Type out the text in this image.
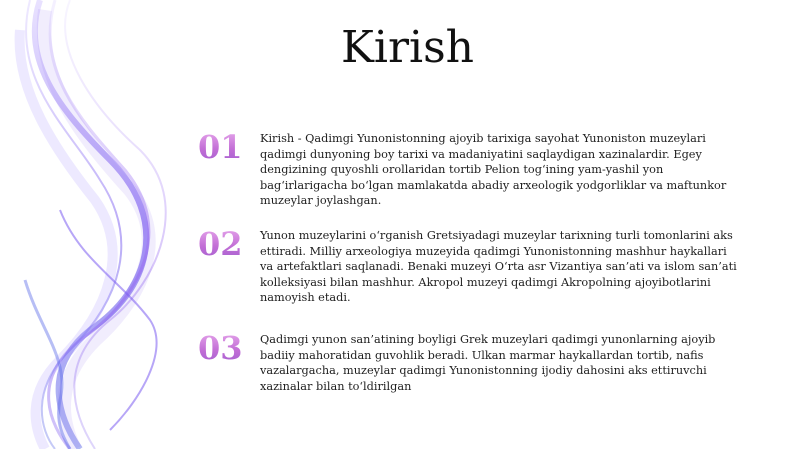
Kirish
01	Kirish - Qadimgi Yunonistonning ajoyib tarixiga sayohat Yunoniston muzeylari qadimgi dunyoning boy tarixi va madaniyatini saqlaydigan xazinalardir. Egey dengizining quyoshli orollaridan tortib Pelion tog‘ining yam-yashil yon bag‘irlarigacha bo‘lgan mamlakatda abadiy arxeologik yodgorliklar va maftunkor muzeylar joylashgan.
02	Yunon muzeylarini o‘rganish Gretsiyadagi muzeylar tarixning turli tomonlarini aks ettiradi. Milliy arxeologiya muzeyida qadimgi Yunonistonning mashhur haykallari va artefaktlari saqlanadi. Benaki muzeyi O‘rta asr Vizantiya san’ati va islom san’ati kolleksiyasi bilan mashhur. Akropol muzeyi qadimgi Akropolning ajoyibotlarini namoyish etadi.
03	Qadimgi yunon san’atining boyligi Grek muzeylari qadimgi yunonlarning ajoyib badiiy mahoratidan guvohlik beradi. Ulkan marmar haykallardan tortib, nafis vazalargacha, muzeylar qadimgi Yunonistonning ijodiy dahosini aks ettiruvchi xazinalar bilan to‘ldirilgan
